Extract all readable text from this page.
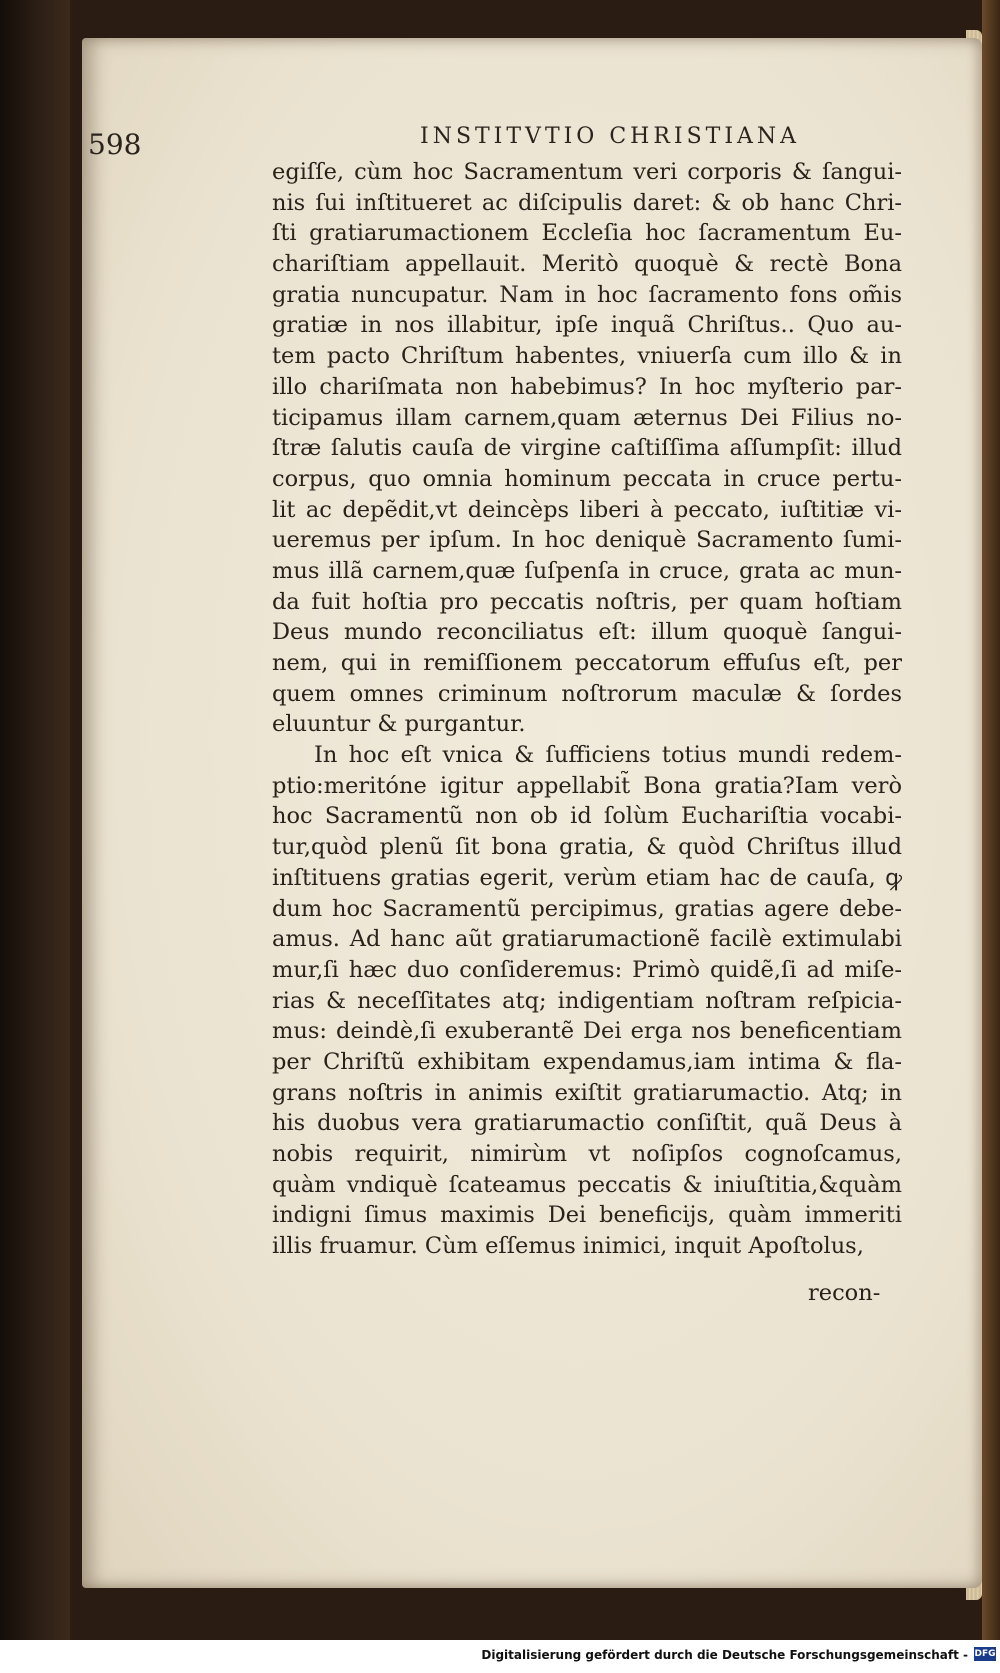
598	INSTITVTIO CHRISTIANA
egiſſe, cùm hoc Sacramentum veri corporis & ſangui-
nis ſui inſtitueret ac diſcipulis daret: & ob hanc Chri-
ſti gratiarumactionem Eccleſia hoc ſacramentum Eu-
chariſtiam appellauit. Meritò quoquè & rectè Bona
gratia nuncupatur. Nam in hoc ſacramento fons om̃is
gratiæ in nos illabitur, ipſe inquã Chriſtus.. Quo au-
tem pacto Chriſtum habentes, vniuerſa cum illo & in
illo chariſmata non habebimus? In hoc myſterio par-
ticipamus illam carnem,quam æternus Dei Filius no-
ſtræ ſalutis cauſa de virgine caſtiſſima aſſumpſit: illud
corpus, quo omnia hominum peccata in cruce pertu-
lit ac depẽdit,vt deincèps liberi à peccato, iuſtitiæ vi-
ueremus per ipſum. In hoc deniquè Sacramento ſumi-
mus illã carnem,quæ ſuſpenſa in cruce, grata ac mun-
da fuit hoſtia pro peccatis noſtris, per quam hoſtiam
Deus mundo reconciliatus eſt: illum quoquè ſangui-
nem, qui in remiſſionem peccatorum effuſus eſt, per
quem omnes criminum noſtrorum maculæ & ſordes
eluuntur & purgantur.
In hoc eſt vnica & ſufficiens totius mundi redem-
ptio:meritóne igitur appellabit̃ Bona gratia?Iam verò
hoc Sacramentũ non ob id ſolùm Euchariſtia vocabi-
tur,quòd plenũ ſit bona gratia, & quòd Chriſtus illud
inſtituens gratias egerit, verùm etiam hac de cauſa, ꝙ
dum hoc Sacramentũ percipimus, gratias agere debe-
amus. Ad hanc aũt gratiarumactionẽ facilè extimulabi
mur,ſi hæc duo conſideremus: Primò quidẽ,ſi ad miſe-
rias & neceſſitates atq; indigentiam noſtram reſpicia-
mus: deindè,ſi exuberantẽ Dei erga nos beneficentiam
per Chriſtũ exhibitam expendamus,iam intima & fla-
grans noſtris in animis exiſtit gratiarumactio. Atq; in
his duobus vera gratiarumactio conſiſtit, quã Deus à
nobis requirit, nimirùm vt noſipſos cognoſcamus,
quàm vndiquè ſcateamus peccatis & iniuſtitia,&quàm
indigni ſimus maximis Dei beneficijs, quàm immeriti
illis fruamur. Cùm eſſemus inimici, inquit Apoſtolus,
recon-
Digitalisierung gefördert durch die Deutsche Forschungsgemeinschaft - DFG
